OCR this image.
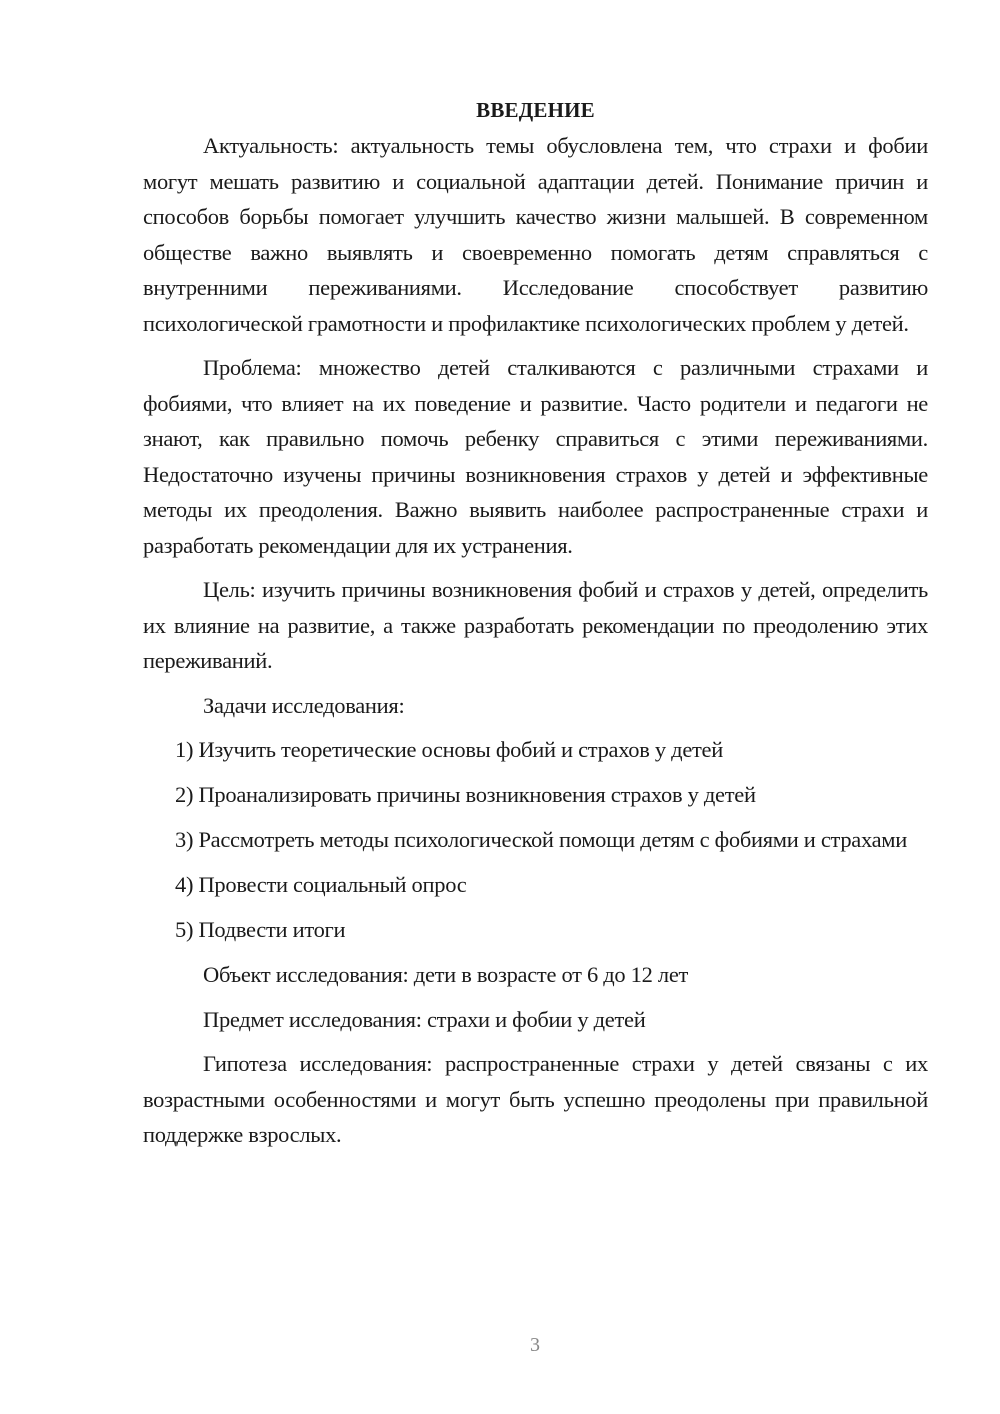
ВВЕДЕНИЕ

Актуальность: актуальность темы обусловлена тем, что страхи и фобии могут мешать развитию и социальной адаптации детей. Понимание причин и способов борьбы помогает улучшить качество жизни малышей. В современном обществе важно выявлять и своевременно помогать детям справляться с внутренними переживаниями. Исследование способствует развитию психологической грамотности и профилактике психологических проблем у детей.

Проблема: множество детей сталкиваются с различными страхами и фобиями, что влияет на их поведение и развитие. Часто родители и педагоги не знают, как правильно помочь ребенку справиться с этими переживаниями. Недостаточно изучены причины возникновения страхов у детей и эффективные методы их преодоления. Важно выявить наиболее распространенные страхи и разработать рекомендации для их устранения.

Цель: изучить причины возникновения фобий и страхов у детей, определить их влияние на развитие, а также разработать рекомендации по преодолению этих переживаний.

Задачи исследования:

1) Изучить теоретические основы фобий и страхов у детей
2) Проанализировать причины возникновения страхов у детей
3) Рассмотреть методы психологической помощи детям с фобиями и страхами
4) Провести социальный опрос
5) Подвести итоги

Объект исследования: дети в возрасте от 6 до 12 лет

Предмет исследования: страхи и фобии у детей

Гипотеза исследования: распространенные страхи у детей связаны с их возрастными особенностями и могут быть успешно преодолены при правильной поддержке взрослых.

3
